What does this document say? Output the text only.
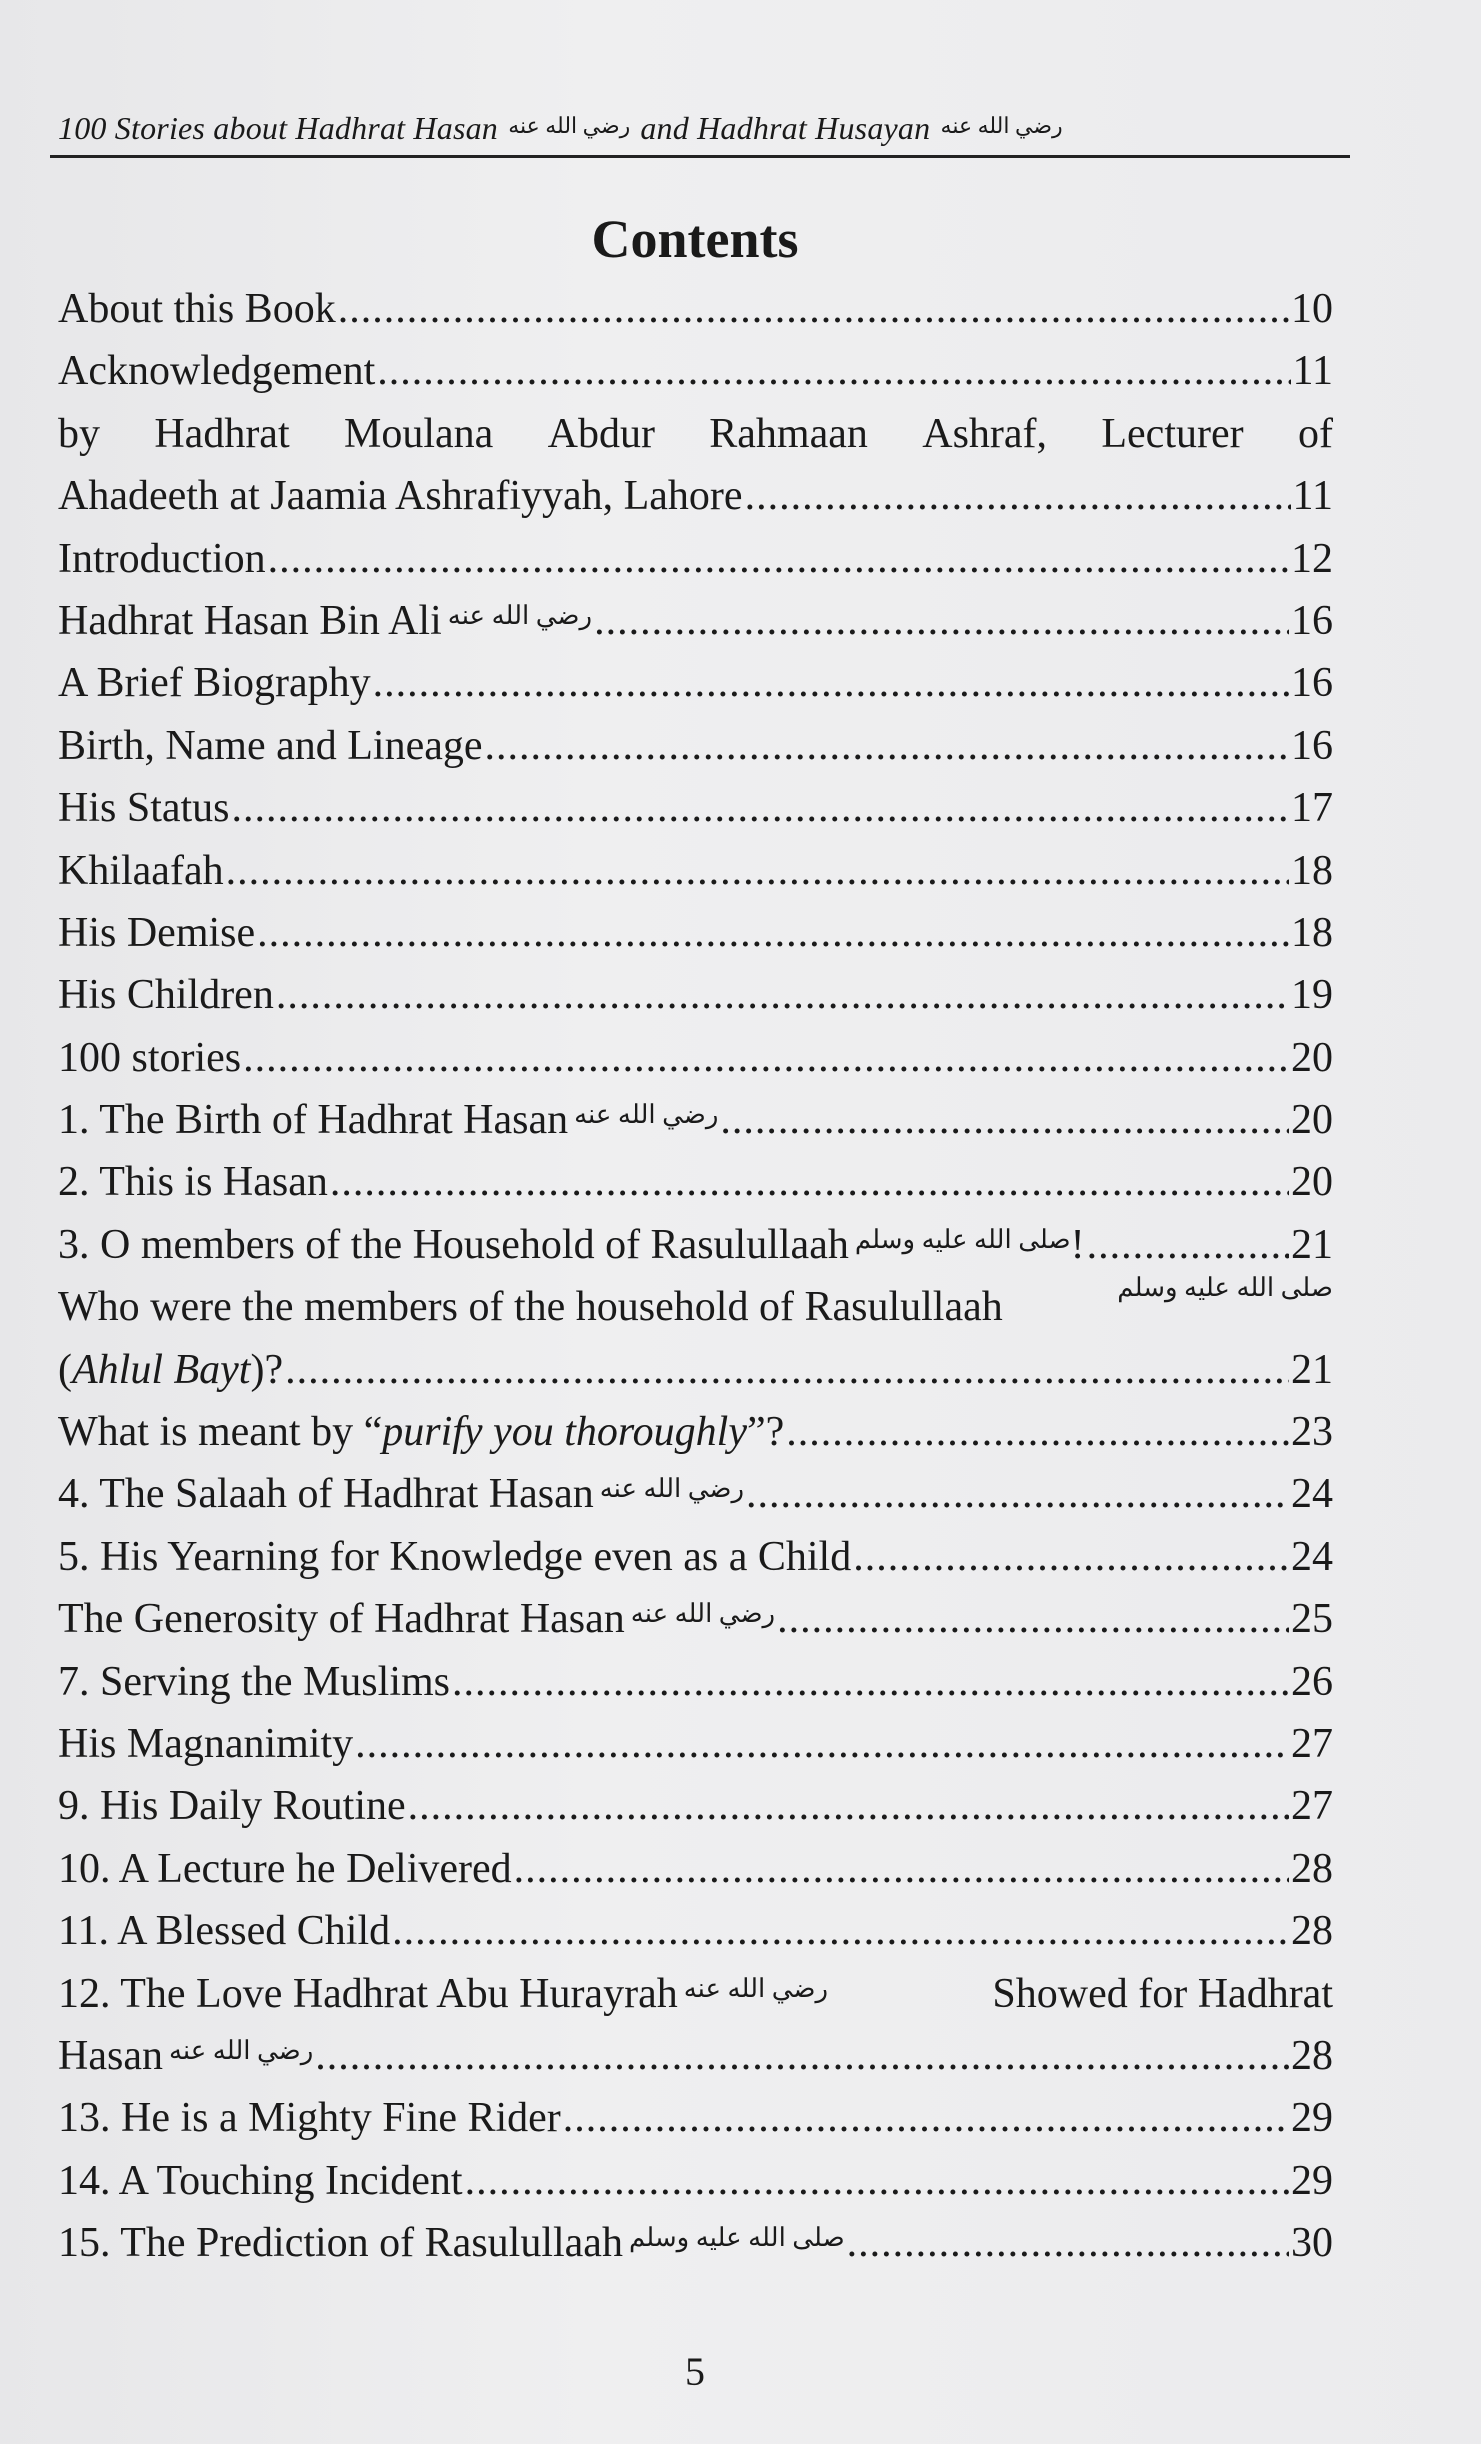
100 Stories about Hadhrat Hasan رضي الله عنه and Hadhrat Husayan رضي الله عنه
Contents
About this Book .....	10
Acknowledgement .....	11
by Hadhrat Moulana Abdur Rahmaan Ashraf, Lecturer of
Ahadeeth at Jaamia Ashrafiyyah, Lahore .....	11
Introduction .....	12
Hadhrat Hasan Bin Ali $^{رضي الله عنه}$ .....	16
A Brief Biography .....	16
Birth, Name and Lineage .....	16
His Status .....	17
Khilaafah .....	18
His Demise .....	18
His Children .....	19
100 stories .....	20
1. The Birth of Hadhrat Hasan $^{رضي الله عنه}$ .....	20
2. This is Hasan .....	20
3. O members of the Household of Rasulullaah $^{صلى الله عليه وسلم}$! .....	21
Who were the members of the household of Rasulullaah	صلى الله عليه وسلم
(Ahlul Bayt)? .....	21
What is meant by “purify you thoroughly”? .....	23
4. The Salaah of Hadhrat Hasan $^{رضي الله عنه}$ .....	24
5. His Yearning for Knowledge even as a Child .....	24
The Generosity of Hadhrat Hasan $^{رضي الله عنه}$ .....	25
7. Serving the Muslims .....	26
His Magnanimity .....	27
9. His Daily Routine .....	27
10. A Lecture he Delivered .....	28
11. A Blessed Child .....	28
12. The Love Hadhrat Abu Hurayrah $^{رضي الله عنه}$	Showed for Hadhrat
Hasan $^{رضي الله عنه}$ .....	28
13. He is a Mighty Fine Rider .....	29
14. A Touching Incident .....	29
15. The Prediction of Rasulullaah $^{صلى الله عليه وسلم}$ .....	30
5
